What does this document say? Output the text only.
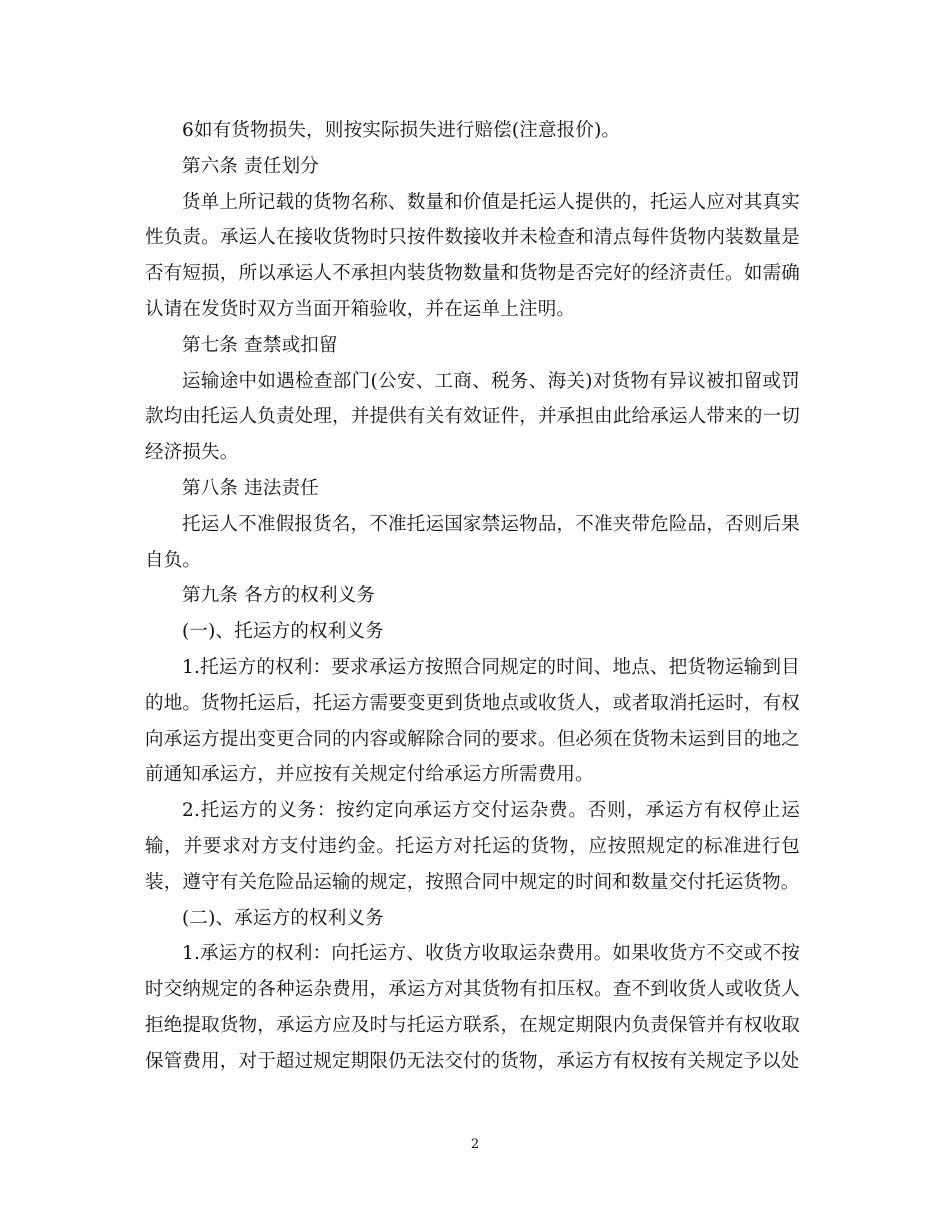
6如有货物损失，则按实际损失进行赔偿(注意报价)。

第六条 责任划分

货单上所记载的货物名称、数量和价值是托运人提供的，托运人应对其真实性负责。承运人在接收货物时只按件数接收并未检查和清点每件货物内装数量是否有短损，所以承运人不承担内装货物数量和货物是否完好的经济责任。如需确认请在发货时双方当面开箱验收，并在运单上注明。

第七条 查禁或扣留

运输途中如遇检查部门(公安、工商、税务、海关)对货物有异议被扣留或罚款均由托运人负责处理，并提供有关有效证件，并承担由此给承运人带来的一切经济损失。

第八条 违法责任

托运人不准假报货名，不准托运国家禁运物品，不准夹带危险品，否则后果自负。

第九条 各方的权利义务

(一)、托运方的权利义务

1.托运方的权利：要求承运方按照合同规定的时间、地点、把货物运输到目的地。货物托运后，托运方需要变更到货地点或收货人，或者取消托运时，有权向承运方提出变更合同的内容或解除合同的要求。但必须在货物未运到目的地之前通知承运方，并应按有关规定付给承运方所需费用。

2.托运方的义务：按约定向承运方交付运杂费。否则，承运方有权停止运输，并要求对方支付违约金。托运方对托运的货物，应按照规定的标准进行包装，遵守有关危险品运输的规定，按照合同中规定的时间和数量交付托运货物。

(二)、承运方的权利义务

1.承运方的权利：向托运方、收货方收取运杂费用。如果收货方不交或不按时交纳规定的各种运杂费用，承运方对其货物有扣压权。查不到收货人或收货人拒绝提取货物，承运方应及时与托运方联系，在规定期限内负责保管并有权收取保管费用，对于超过规定期限仍无法交付的货物，承运方有权按有关规定予以处

2
